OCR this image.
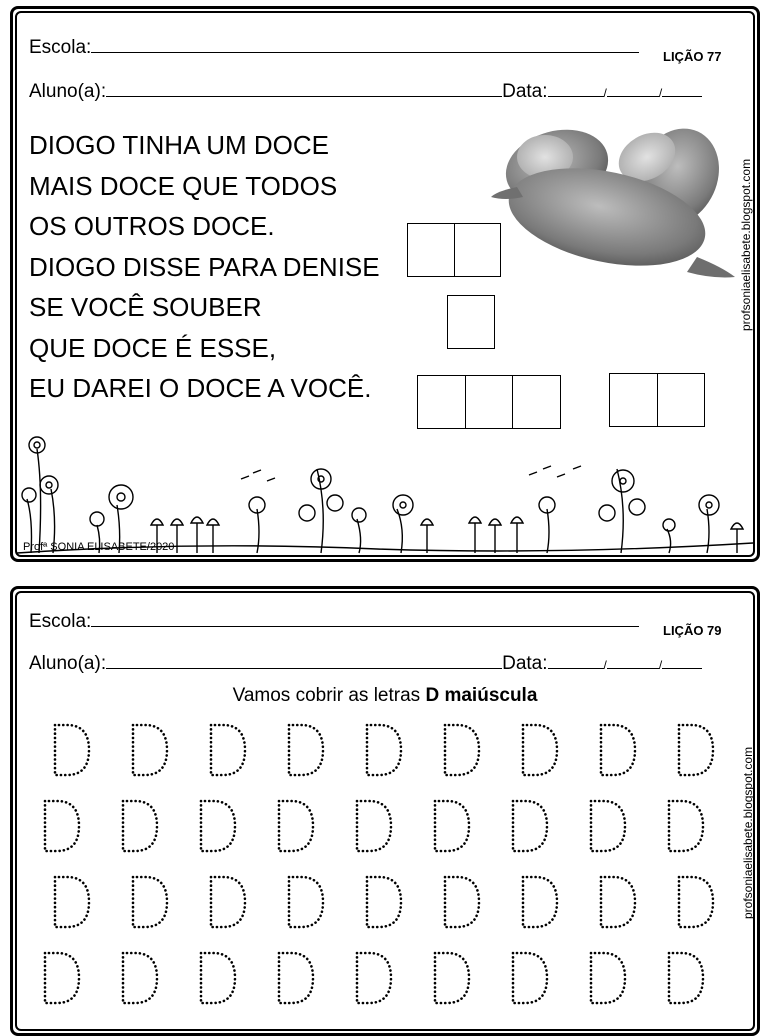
Escola:	LIÇÃO 77
Aluno(a):	Data:	/	/
DIOGO TINHA UM DOCE
MAIS DOCE QUE TODOS
OS OUTROS DOCE.
DIOGO DISSE PARA DENISE
SE VOCÊ SOUBER
QUE DOCE É ESSE,
EU DAREI O DOCE A VOCÊ.
profsoniaelisabete.blogspot.com
Profª SONIA ELISABETE/2020
Escola:	LIÇÃO 79
Aluno(a):	Data:	/	/
Vamos cobrir as letras D maiúscula
profsoniaelisabete.blogspot.com
